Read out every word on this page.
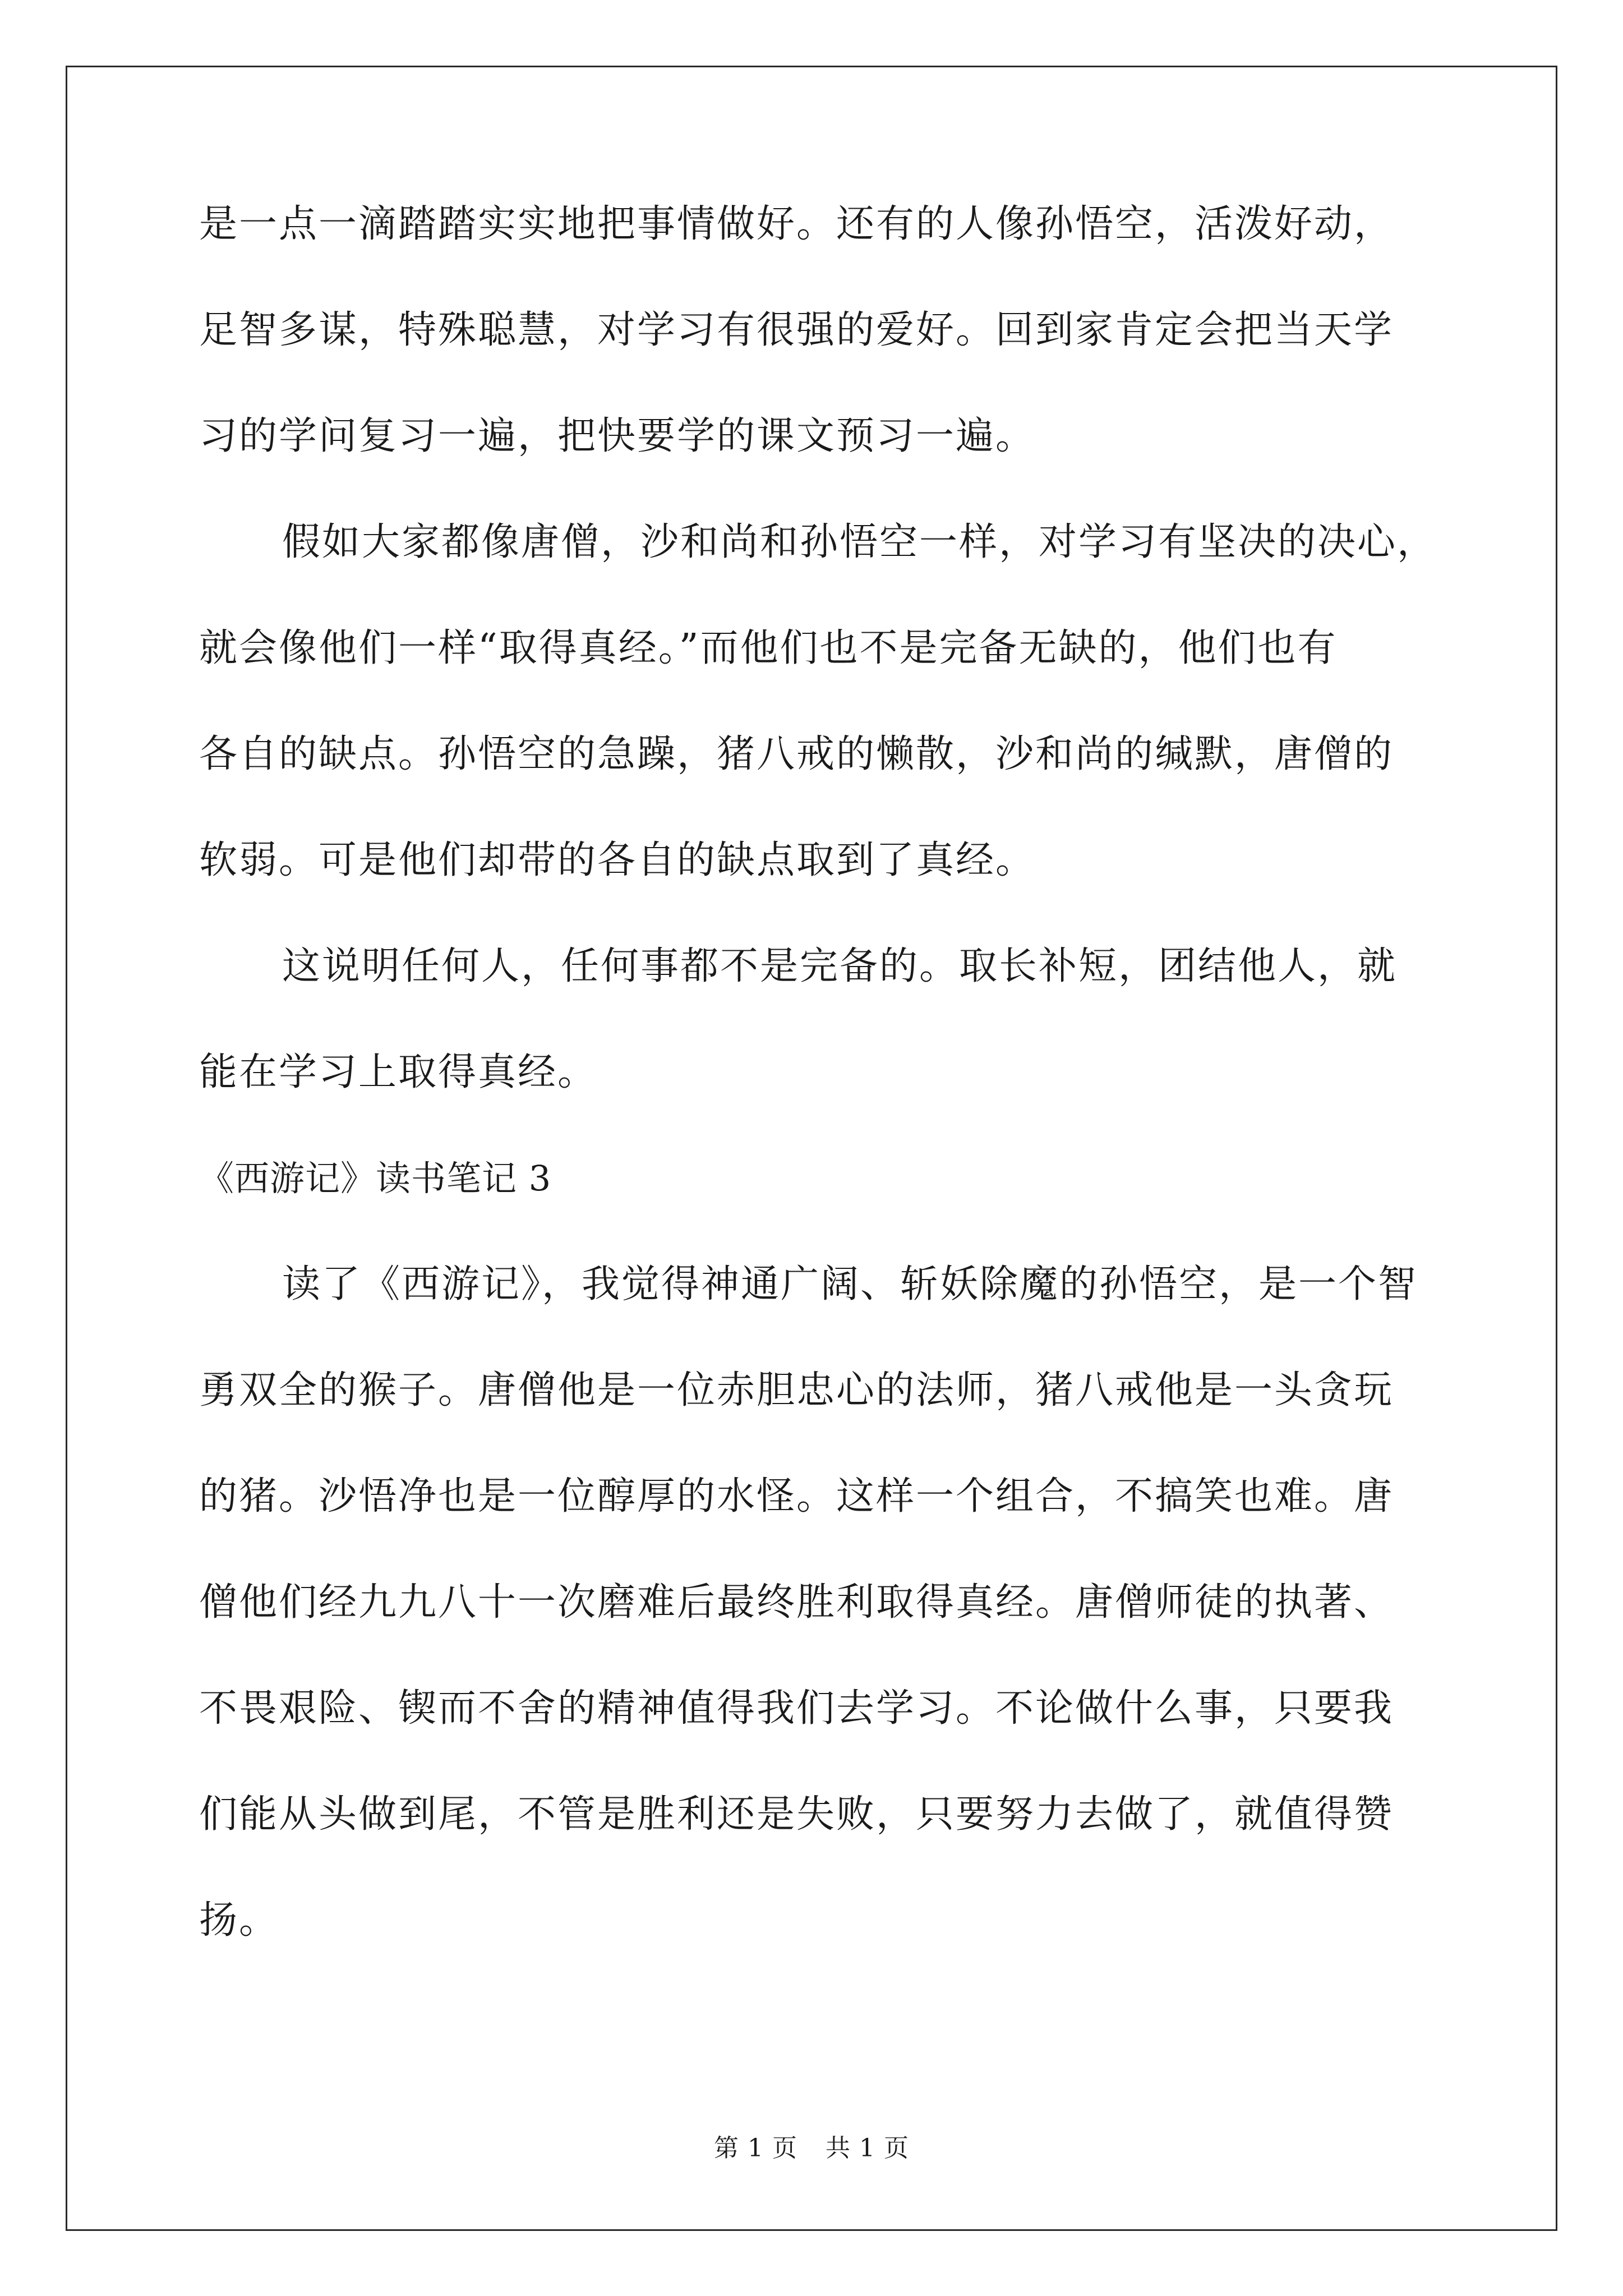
是一点一滴踏踏实实地把事情做好。还有的人像孙悟空，活泼好动，
足智多谋，特殊聪慧，对学习有很强的爱好。回到家肯定会把当天学
习的学问复习一遍，把快要学的课文预习一遍。
假如大家都像唐僧，沙和尚和孙悟空一样，对学习有坚决的决心，
就会像他们一样“取得真经。”而他们也不是完备无缺的，他们也有
各自的缺点。孙悟空的急躁，猪八戒的懒散，沙和尚的缄默，唐僧的
软弱。可是他们却带的各自的缺点取到了真经。
这说明任何人，任何事都不是完备的。取长补短，团结他人，就
能在学习上取得真经。
《西游记》读书笔记 3
读了《西游记》，我觉得神通广阔、斩妖除魔的孙悟空，是一个智
勇双全的猴子。唐僧他是一位赤胆忠心的法师，猪八戒他是一头贪玩
的猪。沙悟净也是一位醇厚的水怪。这样一个组合，不搞笑也难。唐
僧他们经九九八十一次磨难后最终胜利取得真经。唐僧师徒的执著、
不畏艰险、锲而不舍的精神值得我们去学习。不论做什么事，只要我
们能从头做到尾，不管是胜利还是失败，只要努力去做了，就值得赞
扬。
第 1 页 共 1 页
